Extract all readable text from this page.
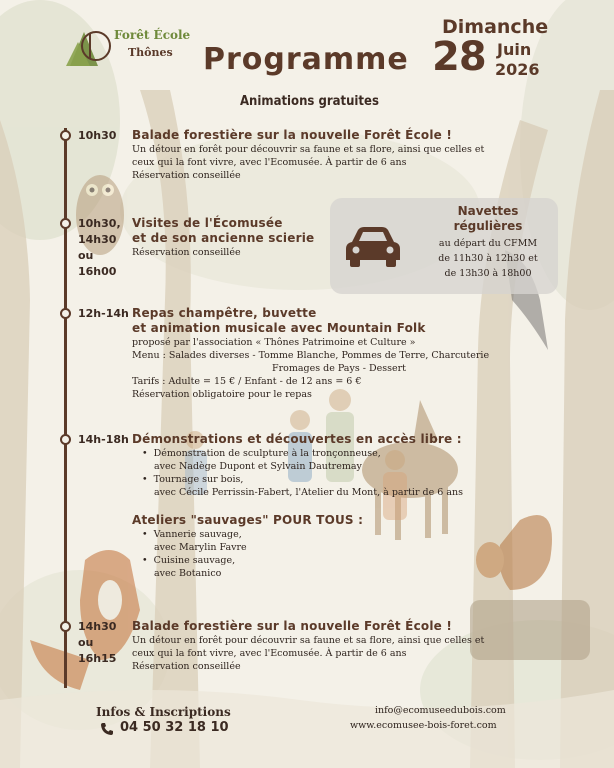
Forêt École
Thônes Programme
Dimanche
28 Juin
2026
Animations gratuites
10h30 Balade forestière sur la nouvelle Forêt École !
Un détour en forêt pour découvrir sa faune et sa flore, ainsi que celles et
ceux qui la font vivre, avec l'Ecomusée. À partir de 6 ans
Réservation conseillée
10h30,
14h30
ou
16h00
Visites de l'Écomusée
et de son ancienne scierie
Réservation conseillée
Navettes
régulières
au départ du CFMM
de 11h30 à 12h30 et
de 13h30 à 18h00
12h-14h Repas champêtre, buvette
et animation musicale avec Mountain Folk
proposé par l'association « Thônes Patrimoine et Culture »
Menu : Salades diverses - Tomme Blanche, Pommes de Terre, Charcuterie
Fromages de Pays - Dessert
Tarifs : Adulte = 15 € / Enfant - de 12 ans = 6 €
Réservation obligatoire pour le repas
14h-18h Démonstrations et découvertes en accès libre :
• Démonstration de sculpture à la tronçonneuse,
avec Nadège Dupont et Sylvain Dautremay
• Tournage sur bois,
avec Cécile Perrissin-Fabert, l'Atelier du Mont, à partir de 6 ans
Ateliers "sauvages" POUR TOUS :
• Vannerie sauvage,
avec Marylin Favre
• Cuisine sauvage,
avec Botanico
14h30
ou
16h15
Balade forestière sur la nouvelle Forêt École !
Un détour en forêt pour découvrir sa faune et sa flore, ainsi que celles et
ceux qui la font vivre, avec l'Ecomusée. À partir de 6 ans
Réservation conseillée
Infos & Inscriptions
04 50 32 18 10
info@ecomuseedubois.com
www.ecomusee-bois-foret.com
